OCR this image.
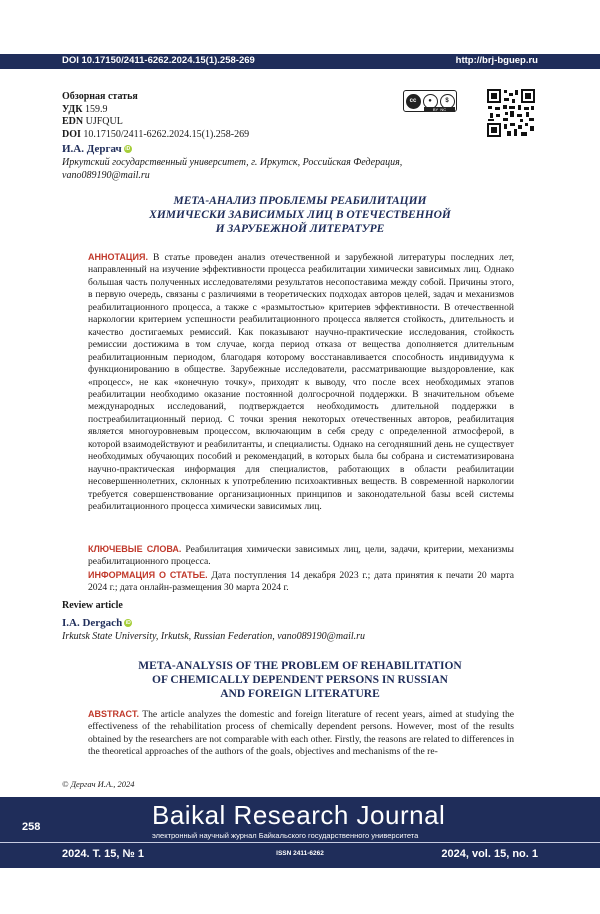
DOI 10.17150/2411-6262.2024.15(1).258-269	http://brj-bguep.ru
Обзорная статья
УДК 159.9
EDN UJFQUL
DOI 10.17150/2411-6262.2024.15(1).258-269
cc	●	$
BY NC
И.А. Дергач iD
Иркутский государственный университет, г. Иркутск, Российская Федерация,
vano089190@mail.ru
МЕТА-АНАЛИЗ ПРОБЛЕМЫ РЕАБИЛИТАЦИИ
ХИМИЧЕСКИ ЗАВИСИМЫХ ЛИЦ В ОТЕЧЕСТВЕННОЙ
И ЗАРУБЕЖНОЙ ЛИТЕРАТУРЕ
АННОТАЦИЯ. В статье проведен анализ отечественной и зарубежной литературы последних лет, направленный на изучение эффективности процесса реабилитации химически зависимых лиц. Однако большая часть полученных исследователями результатов несопоставима между собой. Причины этого, в первую очередь, связаны с различиями в теоретических подходах авторов целей, задач и механизмов реабилитационного процесса, а также с «размытостью» критериев эффективности. В отечественной наркологии критерием успешности реабилитационного процесса является стойкость, длительность и качество достигаемых ремиссий. Как показывают научно-практические исследования, стойкость ремиссии достижима в том случае, когда период отказа от вещества дополняется длительным реабилитационным периодом, благодаря которому восстанавливается способность индивидуума к функционированию в обществе. Зарубежные исследователи, рассматривающие выздоровление, как «процесс», не как «конечную точку», приходят к выводу, что после всех необходимых этапов реабилитации необходимо оказание постоянной долгосрочной поддержки. В значительном объеме международных исследований, подтверждается необходимость длительной поддержки в постреабилитационный период. С точки зрения некоторых отечественных авторов, реабилитация является многоуровневым процессом, включающим в себя среду с определенной атмосферой, в которой взаимодействуют и реабилитанты, и специалисты. Однако на сегодняшний день не существует необходимых обучающих пособий и рекомендаций, в которых была бы собрана и систематизирована научно-практическая информация для специалистов, работающих в области реабилитации несовершеннолетних, склонных к употреблению психоактивных веществ. В современной наркологии требуется совершенствование организационных принципов и законодательной базы всей системы реабилитационного процесса химически зависимых лиц.
КЛЮЧЕВЫЕ СЛОВА. Реабилитация химически зависимых лиц, цели, задачи, критерии, механизмы реабилитационного процесса.
ИНФОРМАЦИЯ О СТАТЬЕ. Дата поступления 14 декабря 2023 г.; дата принятия к печати 20 марта 2024 г.; дата онлайн-размещения 30 марта 2024 г.
Review article
I.A. Dergach iD
Irkutsk State University, Irkutsk, Russian Federation, vano089190@mail.ru
META-ANALYSIS OF THE PROBLEM OF REHABILITATION
OF CHEMICALLY DEPENDENT PERSONS IN RUSSIAN
AND FOREIGN LITERATURE
ABSTRACT. The article analyzes the domestic and foreign literature of recent years, aimed at studying the effectiveness of the rehabilitation process of chemically dependent persons. However, most of the results obtained by the researchers are not comparable with each other. Firstly, the reasons are related to differences in the theoretical approaches of the authors of the goals, objectives and mechanisms of the re-
© Дергач И.А., 2024
258	Baikal Research Journal
электронный научный журнал Байкальского государственного университета
2024. Т. 15, № 1	ISSN 2411-6262	2024, vol. 15, no. 1
